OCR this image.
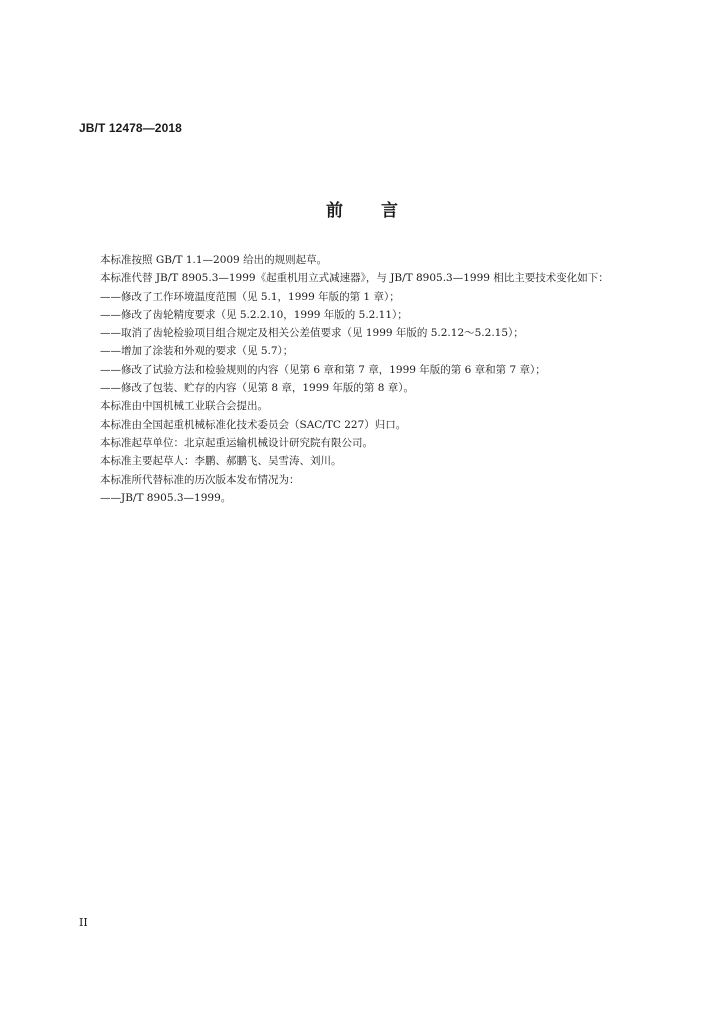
JB/T 12478—2018
前言

本标准按照 GB/T 1.1—2009 给出的规则起草。

本标准代替 JB/T 8905.3—1999《起重机用立式减速器》，与 JB/T 8905.3—1999 相比主要技术变化如下：

——修改了工作环境温度范围（见 5.1，1999 年版的第 1 章）；

——修改了齿轮精度要求（见 5.2.2.10，1999 年版的 5.2.11）；

——取消了齿轮检验项目组合规定及相关公差值要求（见 1999 年版的 5.2.12～5.2.15）；

——增加了涂装和外观的要求（见 5.7）；

——修改了试验方法和检验规则的内容（见第 6 章和第 7 章，1999 年版的第 6 章和第 7 章）；

——修改了包装、贮存的内容（见第 8 章，1999 年版的第 8 章）。

本标准由中国机械工业联合会提出。

本标准由全国起重机械标准化技术委员会（SAC/TC 227）归口。

本标准起草单位：北京起重运输机械设计研究院有限公司。

本标准主要起草人：李鹏、郝鹏飞、吴雪涛、刘川。

本标准所代替标准的历次版本发布情况为：

——JB/T 8905.3—1999。

II
